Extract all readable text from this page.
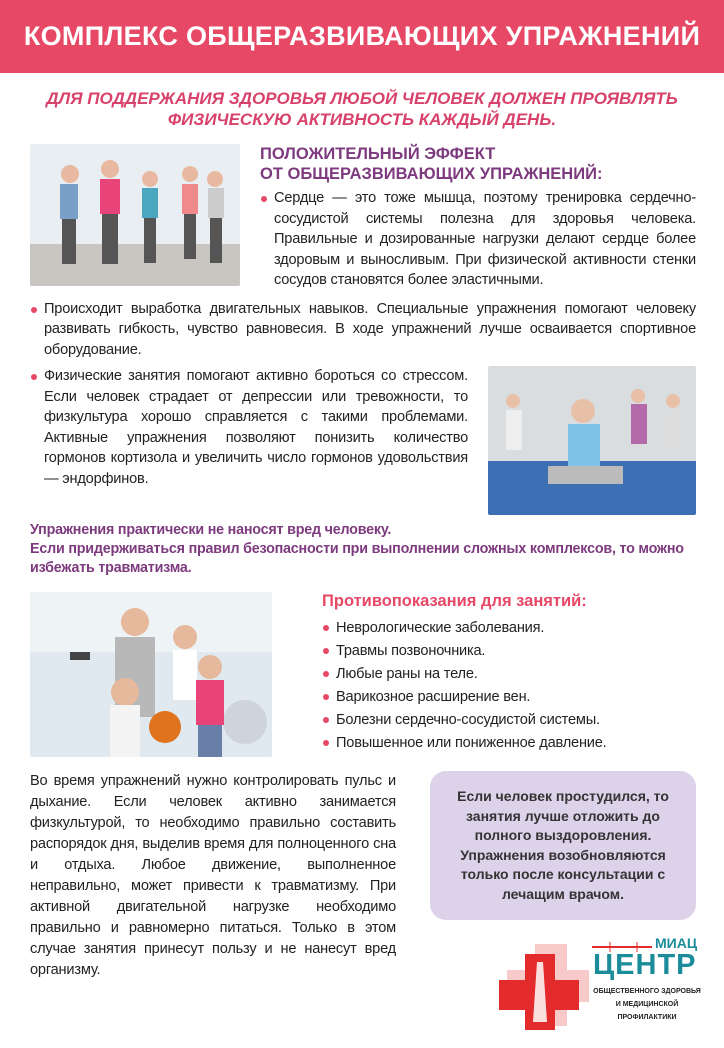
КОМПЛЕКС ОБЩЕРАЗВИВАЮЩИХ УПРАЖНЕНИЙ
ДЛЯ ПОДДЕРЖАНИЯ ЗДОРОВЬЯ ЛЮБОЙ ЧЕЛОВЕК ДОЛЖЕН ПРОЯВЛЯТЬ
ФИЗИЧЕСКУЮ АКТИВНОСТЬ КАЖДЫЙ ДЕНЬ.
ПОЛОЖИТЕЛЬНЫЙ ЭФФЕКТ
ОТ ОБЩЕРАЗВИВАЮЩИХ УПРАЖНЕНИЙ:
Сердце — это тоже мышца, поэтому тренировка сердечно-сосудистой системы полезна для здоровья человека. Правильные и дозированные нагрузки делают сердце более здоровым и выносливым. При физической активности стенки сосудов становятся более эластичными.
Происходит выработка двигательных навыков. Специальные упражнения помогают человеку развивать гибкость, чувство равновесия. В ходе упражнений лучше осваивается спортивное оборудование.
Физические занятия помогают активно бороться со стрессом. Если человек страдает от депрессии или тревожности, то физкультура хорошо справляется с такими проблемами. Активные упражнения позволяют понизить количество гормонов кортизола и увеличить число гормонов удовольствия — эндорфинов.
Упражнения практически не наносят вред человеку.
Если придерживаться правил безопасности при выполнении сложных комплексов, то можно избежать травматизма.
Противопоказания для занятий:
Неврологические заболевания.
Травмы позвоночника.
Любые раны на теле.
Варикозное расширение вен.
Болезни сердечно-сосудистой системы.
Повышенное или пониженное давление.
Во время упражнений нужно контролировать пульс и дыхание. Если человек активно занимается физкультурой, то необходимо правильно составить распорядок дня, выделив время для полноценного сна и отдыха. Любое движение, выполненное неправильно, может привести к травматизму. При активной двигательной нагрузке необходимо правильно и равномерно питаться. Только в этом случае занятия принесут пользу и не нанесут вред организму.
Если человек простудился, то занятия лучше отложить до полного выздоровления. Упражнения возобновляются только после консультации с лечащим врачом.
МИАЦ
ЦЕНТР
ОБЩЕСТВЕННОГО ЗДОРОВЬЯ
И МЕДИЦИНСКОЙ
ПРОФИЛАКТИКИ
